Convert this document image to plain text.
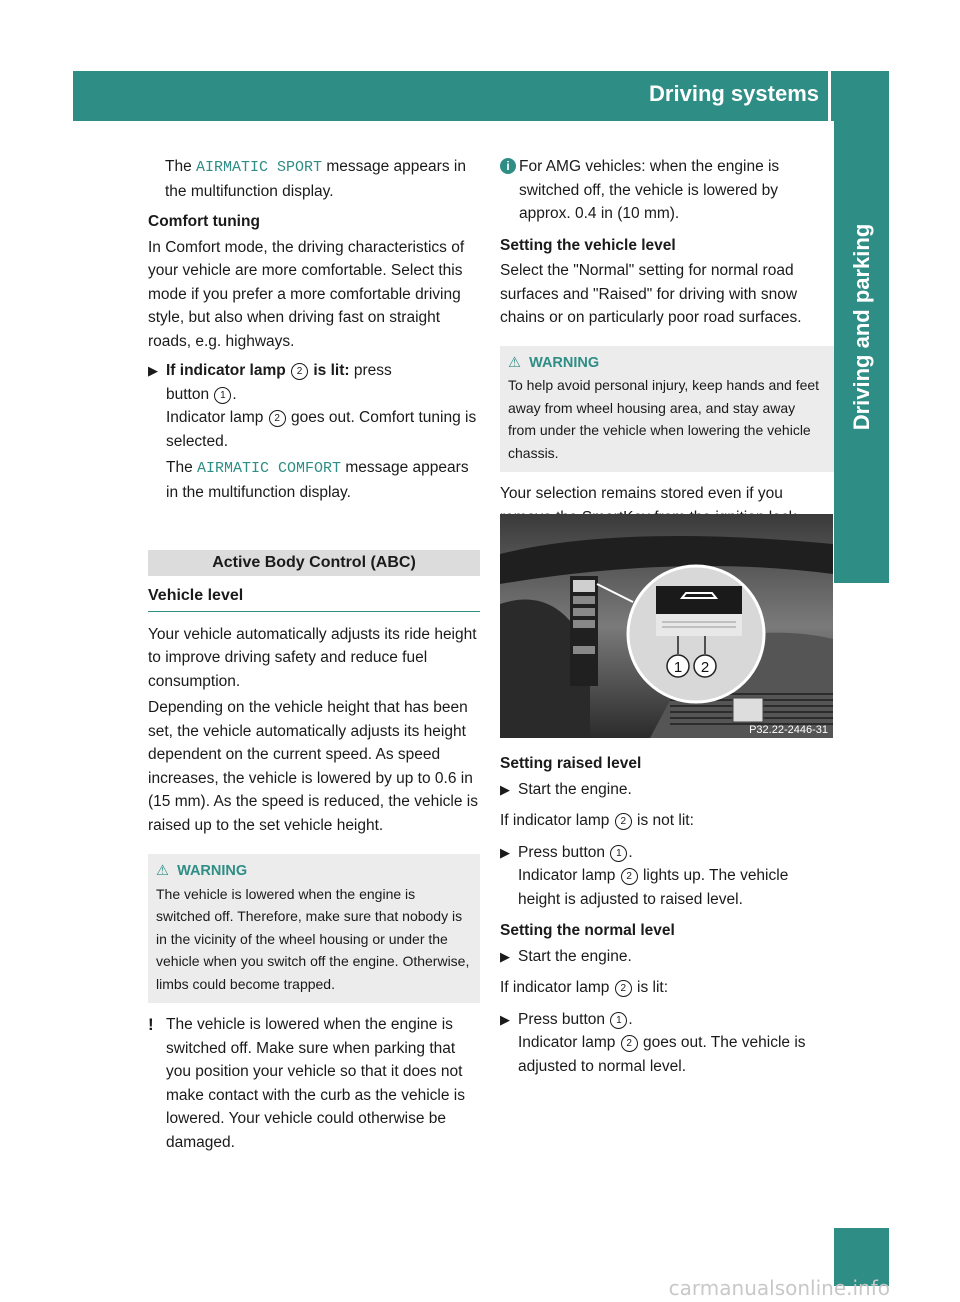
Driving systems
Driving and parking

The AIRMATIC SPORT message appears in the multifunction display.

Comfort tuning

In Comfort mode, the driving characteristics of your vehicle are more comfortable. Select this mode if you prefer a more comfortable driving style, but also when driving fast on straight roads, e.g. highways.

▶ If indicator lamp 2 is lit: press

button 1 .

Indicator lamp 2 goes out. Comfort tuning is selected.

The AIRMATIC COMFORT message appears in the multifunction display.

Active Body Control (ABC)
Vehicle level

Your vehicle automatically adjusts its ride height to improve driving safety and reduce fuel consumption.

Depending on the vehicle height that has been set, the vehicle automatically adjusts its height dependent on the current speed. As speed increases, the vehicle is lowered by up to 0.6 in (15 mm). As the speed is reduced, the vehicle is raised up to the set vehicle height.

⚠ WARNING

The vehicle is lowered when the engine is switched off. Therefore, make sure that nobody is in the vicinity of the wheel housing or under the vehicle when you switch off the engine. Otherwise, limbs could become trapped.

! The vehicle is lowered when the engine is switched off. Make sure when parking that you position your vehicle so that it does not make contact with the curb as the vehicle is lowered. Your vehicle could otherwise be damaged.

i For AMG vehicles: when the engine is switched off, the vehicle is lowered by approx. 0.4 in (10 mm).

Setting the vehicle level

Select the "Normal" setting for normal road surfaces and "Raised" for driving with snow chains or on particularly poor road surfaces.

⚠ WARNING

To help avoid personal injury, keep hands and feet away from wheel housing area, and stay away from under the vehicle when lowering the vehicle chassis.

Your selection remains stored even if you

1 2
P32.22-2446-31

Setting raised level

▶ Start the engine.

If indicator lamp 2 is not lit:

▶ Press button 1 .

Indicator lamp 2 lights up. The vehicle height is adjusted to raised level.

Setting the normal level

▶ Start the engine.

If indicator lamp 2 is lit:

▶ Press button 1 .

Indicator lamp 2 goes out. The vehicle is adjusted to normal level.

carmanualsonline.info
